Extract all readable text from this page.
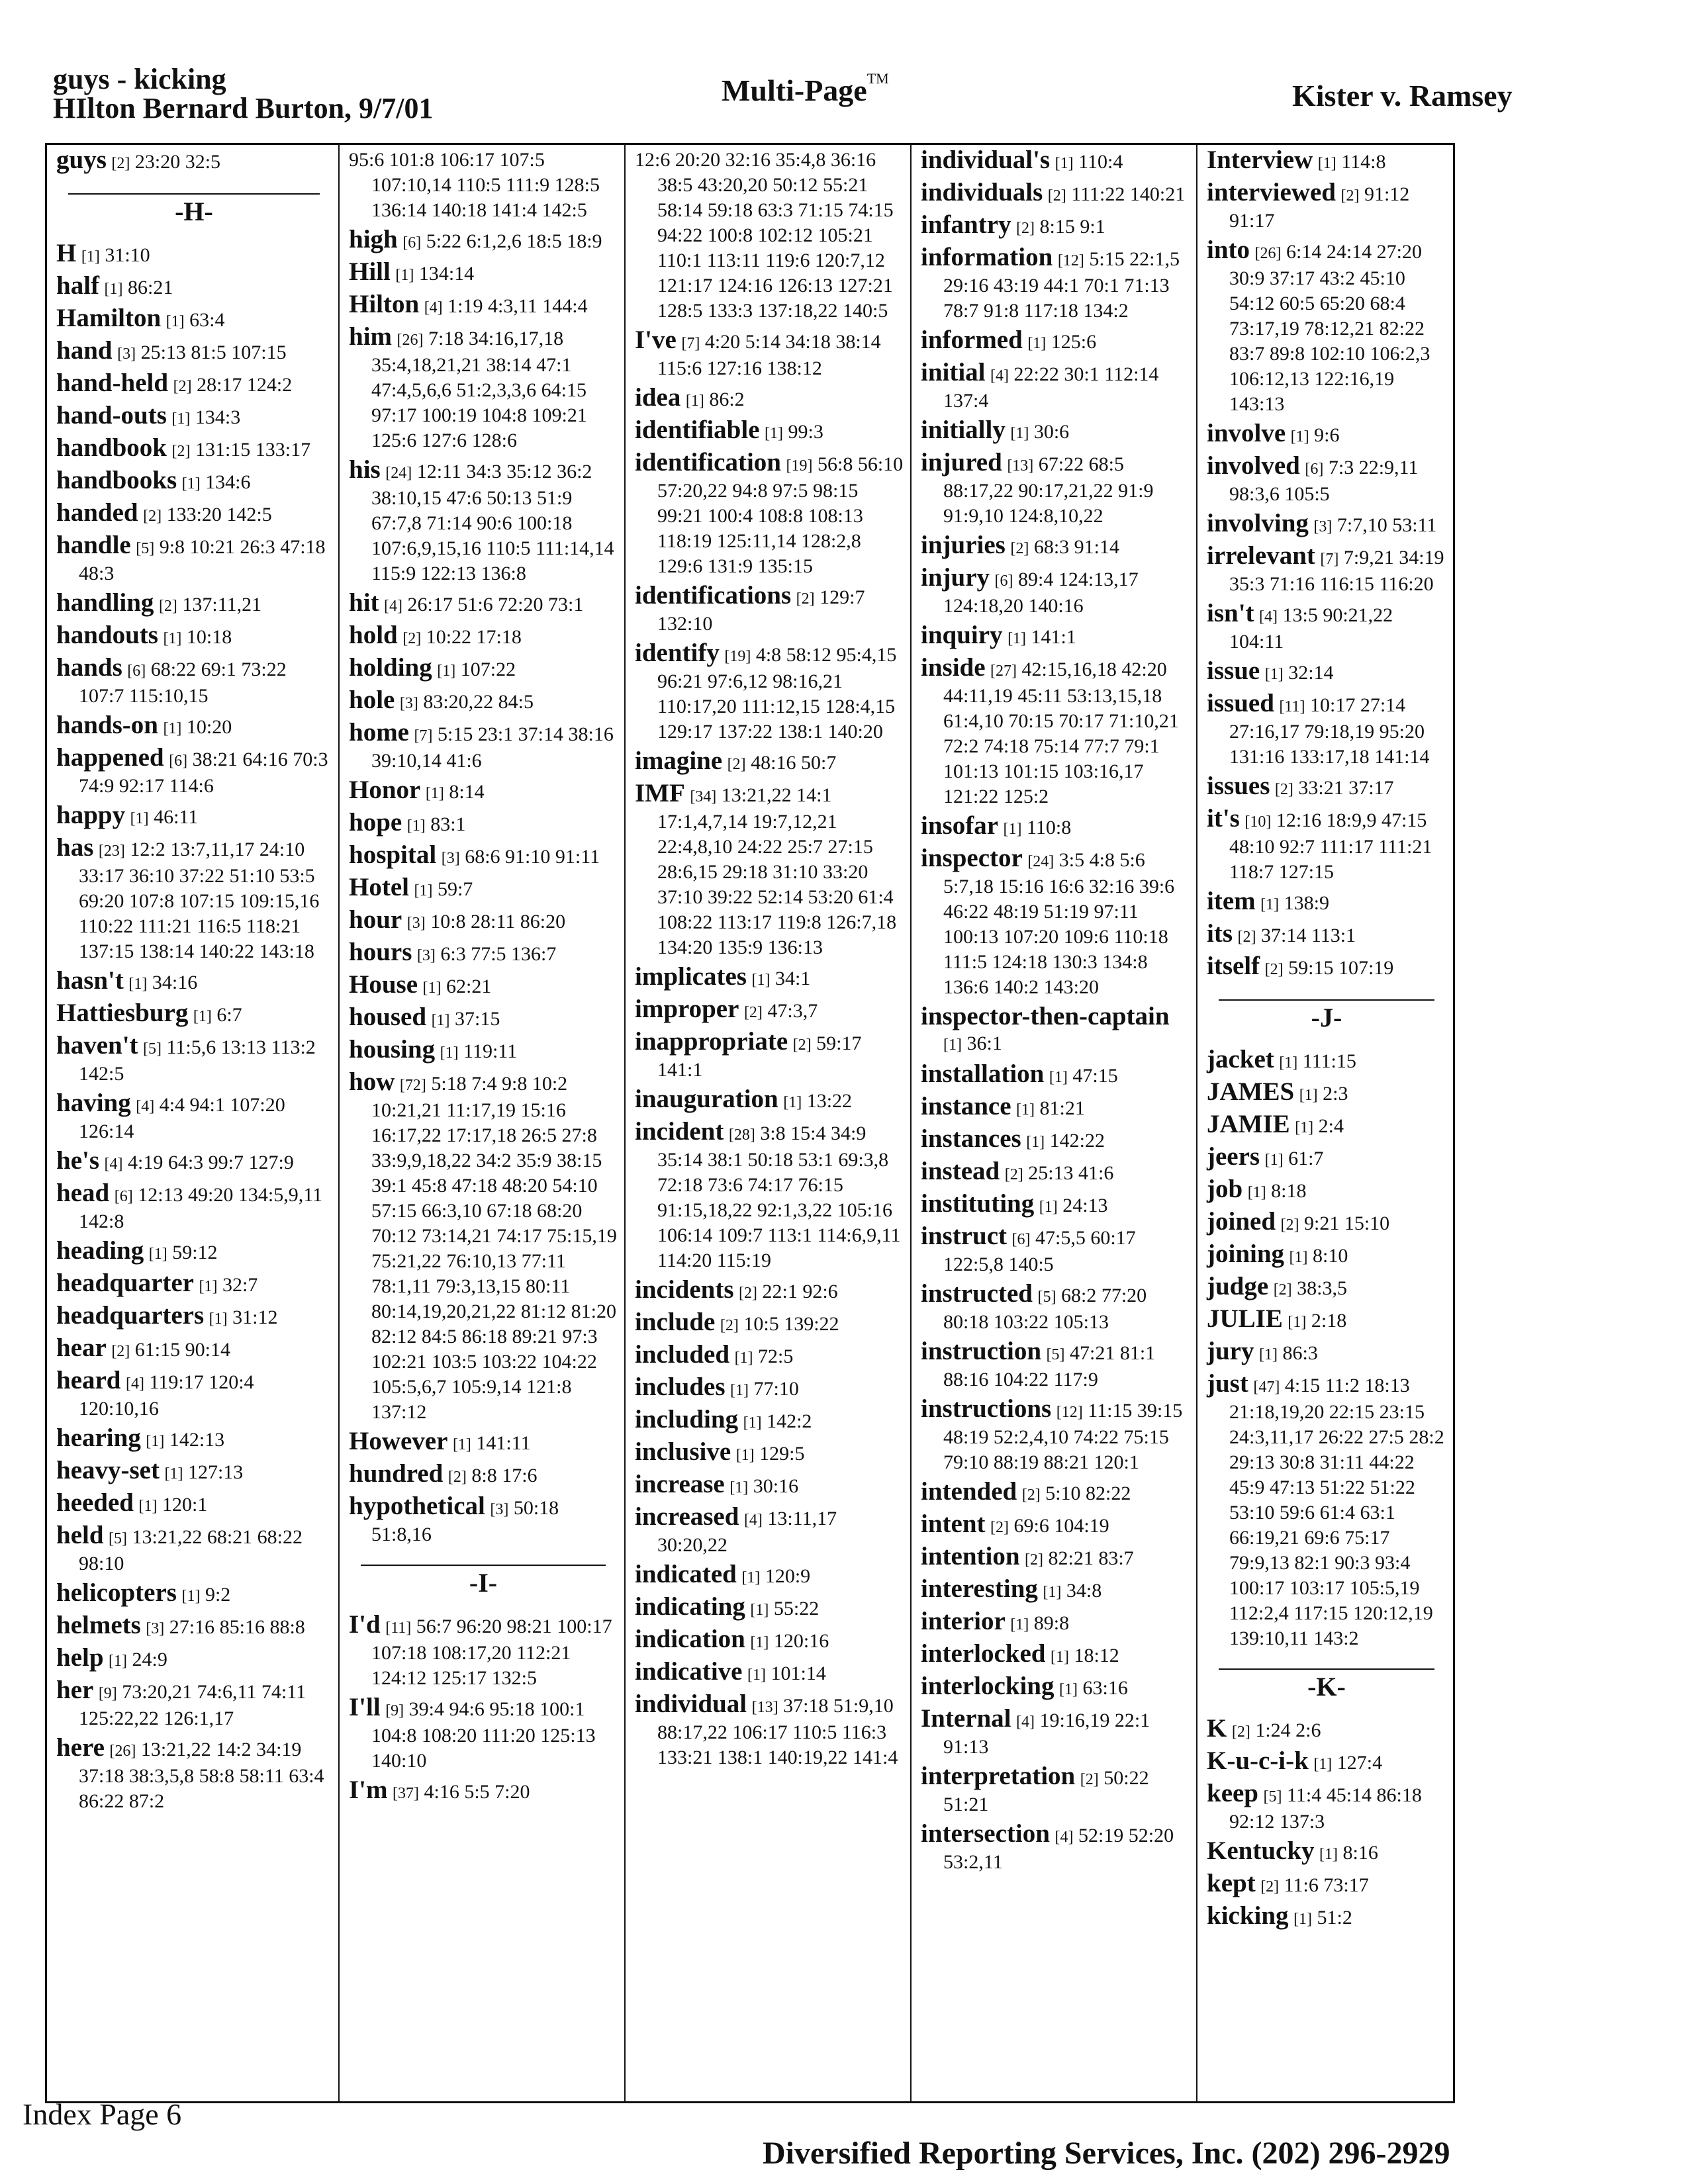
guys - kicking
HIlton Bernard Burton, 9/7/01
Multi-Page™
Kister v. Ramsey
guys [2] 23:20 32:5
-H-
H [1] 31:10
half [1] 86:21
Hamilton [1] 63:4
hand [3] 25:13 81:5 107:15
hand-held [2] 28:17 124:2
hand-outs [1] 134:3
handbook [2] 131:15 133:17
handbooks [1] 134:6
handed [2] 133:20 142:5
handle [5] 9:8 10:21 26:3 47:18 48:3
handling [2] 137:11,21
handouts [1] 10:18
hands [6] 68:22 69:1 73:22 107:7 115:10,15
hands-on [1] 10:20
happened [6] 38:21 64:16 70:3 74:9 92:17 114:6
happy [1] 46:11
has [23] 12:2 13:7,11,17 24:10 33:17 36:10 37:22 51:10 53:5 69:20 107:8 107:15 109:15,16 110:22 111:21 116:5 118:21 137:15 138:14 140:22 143:18
hasn't [1] 34:16
Hattiesburg [1] 6:7
haven't [5] 11:5,6 13:13 113:2 142:5
having [4] 4:4 94:1 107:20 126:14
he's [4] 4:19 64:3 99:7 127:9
head [6] 12:13 49:20 134:5,9,11 142:8
heading [1] 59:12
headquarter [1] 32:7
headquarters [1] 31:12
hear [2] 61:15 90:14
heard [4] 119:17 120:4 120:10,16
hearing [1] 142:13
heavy-set [1] 127:13
heeded [1] 120:1
held [5] 13:21,22 68:21 68:22 98:10
helicopters [1] 9:2
helmets [3] 27:16 85:16 88:8
help [1] 24:9
her [9] 73:20,21 74:6,11 74:11 125:22,22 126:1,17
here [26] 13:21,22 14:2 34:19 37:18 38:3,5,8 58:8 58:11 63:4 86:22 87:2
95:6 101:8 106:17 107:5 107:10,14 110:5 111:9 128:5 136:14 140:18 141:4 142:5
high [6] 5:22 6:1,2,6 18:5 18:9
Hill [1] 134:14
Hilton [4] 1:19 4:3,11 144:4
him [26] 7:18 34:16,17,18 35:4,18,21,21 38:14 47:1 47:4,5,6,6 51:2,3,3,6 64:15 97:17 100:19 104:8 109:21 125:6 127:6 128:6
his [24] 12:11 34:3 35:12 36:2 38:10,15 47:6 50:13 51:9 67:7,8 71:14 90:6 100:18 107:6,9,15,16 110:5 111:14,14 115:9 122:13 136:8
hit [4] 26:17 51:6 72:20 73:1
hold [2] 10:22 17:18
holding [1] 107:22
hole [3] 83:20,22 84:5
home [7] 5:15 23:1 37:14 38:16 39:10,14 41:6
Honor [1] 8:14
hope [1] 83:1
hospital [3] 68:6 91:10 91:11
Hotel [1] 59:7
hour [3] 10:8 28:11 86:20
hours [3] 6:3 77:5 136:7
House [1] 62:21
housed [1] 37:15
housing [1] 119:11
how [72] 5:18 7:4 9:8 10:2 10:21,21 11:17,19 15:16 16:17,22 17:17,18 26:5 27:8 33:9,9,18,22 34:2 35:9 38:15 39:1 45:8 47:18 48:20 54:10 57:15 66:3,10 67:18 68:20 70:12 73:14,21 74:17 75:15,19 75:21,22 76:10,13 77:11 78:1,11 79:3,13,15 80:11 80:14,19,20,21,22 81:12 81:20 82:12 84:5 86:18 89:21 97:3 102:21 103:5 103:22 104:22 105:5,6,7 105:9,14 121:8 137:12
However [1] 141:11
hundred [2] 8:8 17:6
hypothetical [3] 50:18 51:8,16
-I-
I'd [11] 56:7 96:20 98:21 100:17 107:18 108:17,20 112:21 124:12 125:17 132:5
I'll [9] 39:4 94:6 95:18 100:1 104:8 108:20 111:20 125:13 140:10
I'm [37] 4:16 5:5 7:20
12:6 20:20 32:16 35:4,8 36:16 38:5 43:20,20 50:12 55:21 58:14 59:18 63:3 71:15 74:15 94:22 100:8 102:12 105:21 110:1 113:11 119:6 120:7,12 121:17 124:16 126:13 127:21 128:5 133:3 137:18,22 140:5
I've [7] 4:20 5:14 34:18 38:14 115:6 127:16 138:12
idea [1] 86:2
identifiable [1] 99:3
identification [19] 56:8 56:10 57:20,22 94:8 97:5 98:15 99:21 100:4 108:8 108:13 118:19 125:11,14 128:2,8 129:6 131:9 135:15
identifications [2] 129:7 132:10
identify [19] 4:8 58:12 95:4,15 96:21 97:6,12 98:16,21 110:17,20 111:12,15 128:4,15 129:17 137:22 138:1 140:20
imagine [2] 48:16 50:7
IMF [34] 13:21,22 14:1 17:1,4,7,14 19:7,12,21 22:4,8,10 24:22 25:7 27:15 28:6,15 29:18 31:10 33:20 37:10 39:22 52:14 53:20 61:4 108:22 113:17 119:8 126:7,18 134:20 135:9 136:13
implicates [1] 34:1
improper [2] 47:3,7
inappropriate [2] 59:17 141:1
inauguration [1] 13:22
incident [28] 3:8 15:4 34:9 35:14 38:1 50:18 53:1 69:3,8 72:18 73:6 74:17 76:15 91:15,18,22 92:1,3,22 105:16 106:14 109:7 113:1 114:6,9,11 114:20 115:19
incidents [2] 22:1 92:6
include [2] 10:5 139:22
included [1] 72:5
includes [1] 77:10
including [1] 142:2
inclusive [1] 129:5
increase [1] 30:16
increased [4] 13:11,17 30:20,22
indicated [1] 120:9
indicating [1] 55:22
indication [1] 120:16
indicative [1] 101:14
individual [13] 37:18 51:9,10 88:17,22 106:17 110:5 116:3 133:21 138:1 140:19,22 141:4
individual's [1] 110:4
individuals [2] 111:22 140:21
infantry [2] 8:15 9:1
information [12] 5:15 22:1,5 29:16 43:19 44:1 70:1 71:13 78:7 91:8 117:18 134:2
informed [1] 125:6
initial [4] 22:22 30:1 112:14 137:4
initially [1] 30:6
injured [13] 67:22 68:5 88:17,22 90:17,21,22 91:9 91:9,10 124:8,10,22
injuries [2] 68:3 91:14
injury [6] 89:4 124:13,17 124:18,20 140:16
inquiry [1] 141:1
inside [27] 42:15,16,18 42:20 44:11,19 45:11 53:13,15,18 61:4,10 70:15 70:17 71:10,21 72:2 74:18 75:14 77:7 79:1 101:13 101:15 103:16,17 121:22 125:2
insofar [1] 110:8
inspector [24] 3:5 4:8 5:6 5:7,18 15:16 16:6 32:16 39:6 46:22 48:19 51:19 97:11 100:13 107:20 109:6 110:18 111:5 124:18 130:3 134:8 136:6 140:2 143:20
inspector-then-captain [1] 36:1
installation [1] 47:15
instance [1] 81:21
instances [1] 142:22
instead [2] 25:13 41:6
instituting [1] 24:13
instruct [6] 47:5,5 60:17 122:5,8 140:5
instructed [5] 68:2 77:20 80:18 103:22 105:13
instruction [5] 47:21 81:1 88:16 104:22 117:9
instructions [12] 11:15 39:15 48:19 52:2,4,10 74:22 75:15 79:10 88:19 88:21 120:1
intended [2] 5:10 82:22
intent [2] 69:6 104:19
intention [2] 82:21 83:7
interesting [1] 34:8
interior [1] 89:8
interlocked [1] 18:12
interlocking [1] 63:16
Internal [4] 19:16,19 22:1 91:13
interpretation [2] 50:22 51:21
intersection [4] 52:19 52:20 53:2,11
Interview [1] 114:8
interviewed [2] 91:12 91:17
into [26] 6:14 24:14 27:20 30:9 37:17 43:2 45:10 54:12 60:5 65:20 68:4 73:17,19 78:12,21 82:22 83:7 89:8 102:10 106:2,3 106:12,13 122:16,19 143:13
involve [1] 9:6
involved [6] 7:3 22:9,11 98:3,6 105:5
involving [3] 7:7,10 53:11
irrelevant [7] 7:9,21 34:19 35:3 71:16 116:15 116:20
isn't [4] 13:5 90:21,22 104:11
issue [1] 32:14
issued [11] 10:17 27:14 27:16,17 79:18,19 95:20 131:16 133:17,18 141:14
issues [2] 33:21 37:17
it's [10] 12:16 18:9,9 47:15 48:10 92:7 111:17 111:21 118:7 127:15
item [1] 138:9
its [2] 37:14 113:1
itself [2] 59:15 107:19
-J-
jacket [1] 111:15
JAMES [1] 2:3
JAMIE [1] 2:4
jeers [1] 61:7
job [1] 8:18
joined [2] 9:21 15:10
joining [1] 8:10
judge [2] 38:3,5
JULIE [1] 2:18
jury [1] 86:3
just [47] 4:15 11:2 18:13 21:18,19,20 22:15 23:15 24:3,11,17 26:22 27:5 28:2 29:13 30:8 31:11 44:22 45:9 47:13 51:22 51:22 53:10 59:6 61:4 63:1 66:19,21 69:6 75:17 79:9,13 82:1 90:3 93:4 100:17 103:17 105:5,19 112:2,4 117:15 120:12,19 139:10,11 143:2
-K-
K [2] 1:24 2:6
K-u-c-i-k [1] 127:4
keep [5] 11:4 45:14 86:18 92:12 137:3
Kentucky [1] 8:16
kept [2] 11:6 73:17
kicking [1] 51:2
Index Page 6
Diversified Reporting Services, Inc. (202) 296-2929
